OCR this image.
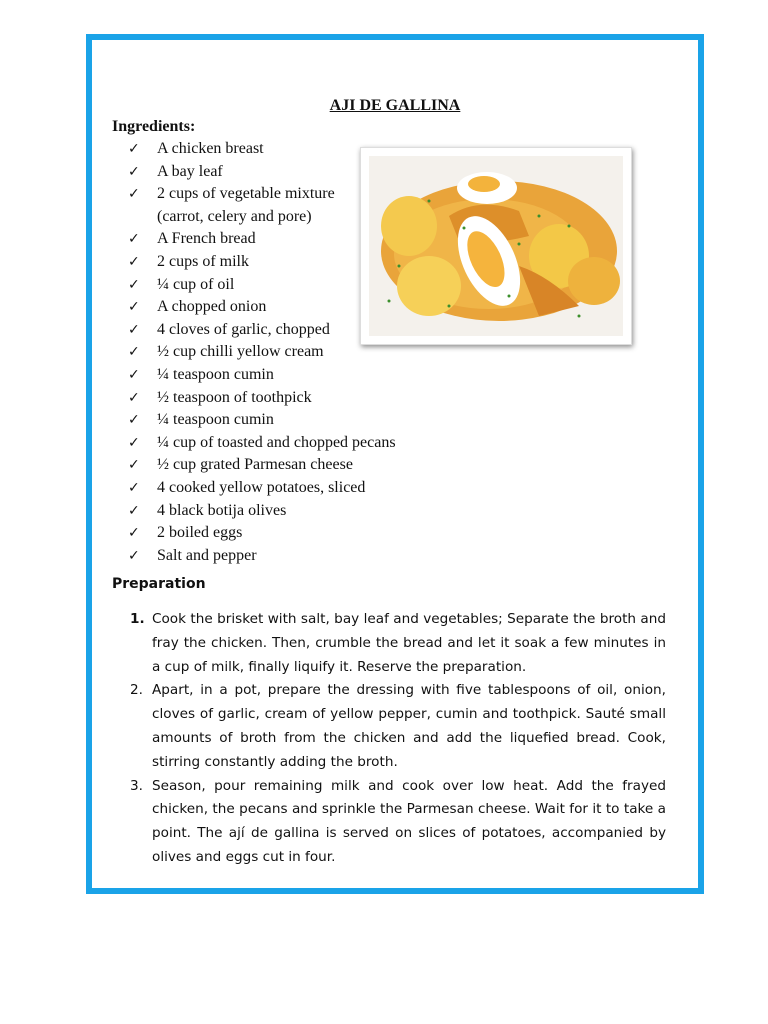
AJI DE GALLINA
Ingredients:
✓ A chicken breast
✓ A bay leaf
✓ 2 cups of vegetable mixture (carrot, celery and pore)
✓ A French bread
✓ 2 cups of milk
✓ ¼ cup of oil
✓ A chopped onion
✓ 4 cloves of garlic, chopped
✓ ½ cup chilli yellow cream
✓ ¼ teaspoon cumin
✓ ½ teaspoon of toothpick
✓ ¼ teaspoon cumin
✓ ¼ cup of toasted and chopped pecans
✓ ½ cup grated Parmesan cheese
✓ 4 cooked yellow potatoes, sliced
✓ 4 black botija olives
✓ 2 boiled eggs
✓ Salt and pepper
Preparation
1. Cook the brisket with salt, bay leaf and vegetables; Separate the broth and fray the chicken. Then, crumble the bread and let it soak a few minutes in a cup of milk, finally liquify it. Reserve the preparation.
2. Apart, in a pot, prepare the dressing with five tablespoons of oil, onion, cloves of garlic, cream of yellow pepper, cumin and toothpick. Sauté small amounts of broth from the chicken and add the liquefied bread. Cook, stirring constantly adding the broth.
3. Season, pour remaining milk and cook over low heat. Add the frayed chicken, the pecans and sprinkle the Parmesan cheese. Wait for it to take a point. The ají de gallina is served on slices of potatoes, accompanied by olives and eggs cut in four.
